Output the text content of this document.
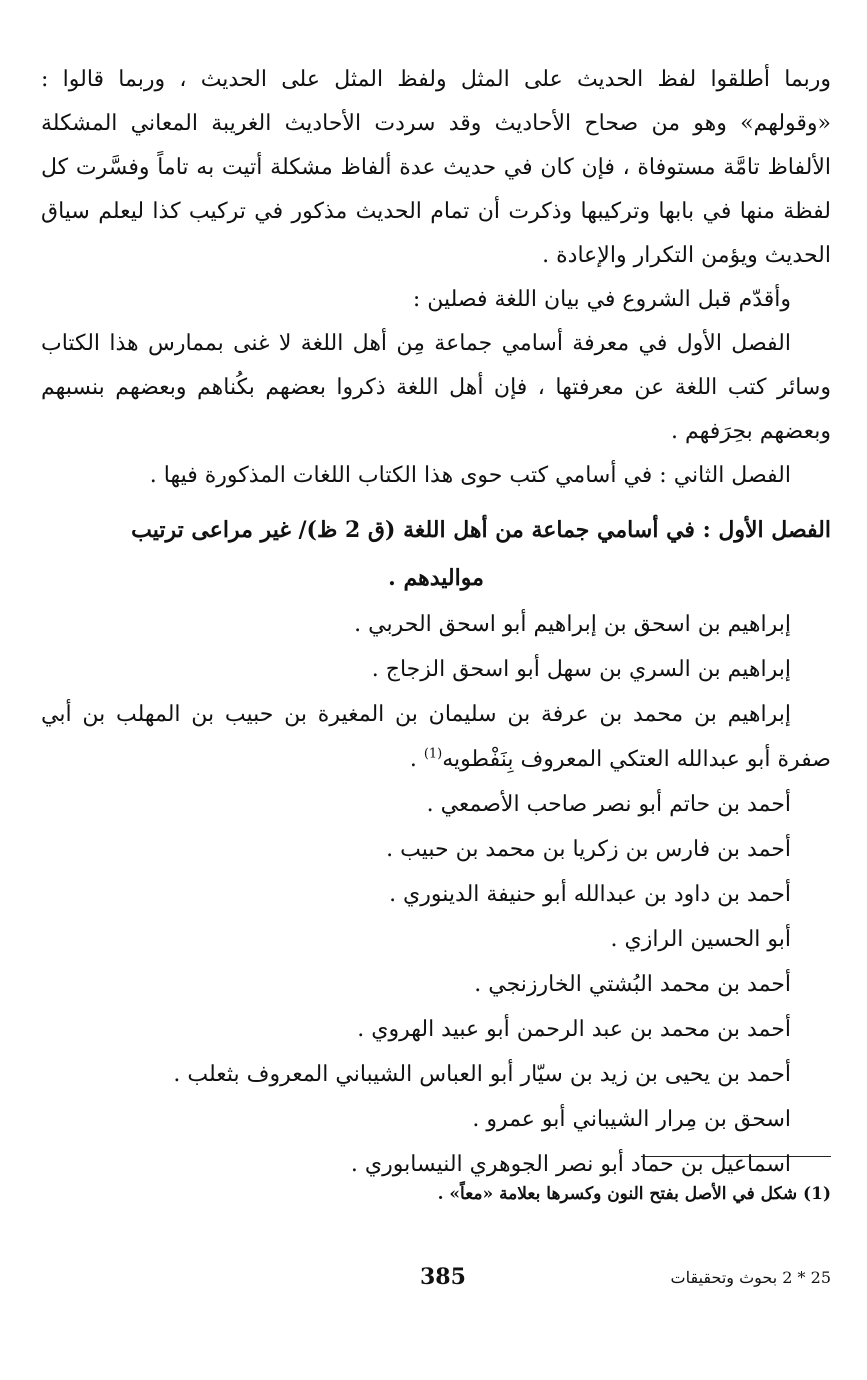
وربما أطلقوا لفظ الحديث على المثل ولفظ المثل على الحديث ، وربما قالوا : «وقولهم» وهو من صحاح الأحاديث وقد سردت الأحاديث الغريبة المعاني المشكلة الألفاظ تامَّة مستوفاة ، فإن كان في حديث عدة ألفاظ مشكلة أتيت به تاماً وفسَّرت كل لفظة منها في بابها وتركيبها وذكرت أن تمام الحديث مذكور في تركيب كذا ليعلم سياق الحديث ويؤمن التكرار والإعادة .

وأقدّم قبل الشروع في بيان اللغة فصلين :

الفصل الأول في معرفة أسامي جماعة مِن أهل اللغة لا غنى بممارس هذا الكتاب وسائر كتب اللغة عن معرفتها ، فإن أهل اللغة ذكروا بعضهم بكُناهم وبعضهم بنسبهم وبعضهم بحِرَفهم .

الفصل الثاني : في أسامي كتب حوى هذا الكتاب اللغات المذكورة فيها .

الفصل الأول : في أسامي جماعة من أهل اللغة (ق 2 ظ)/ غير مراعى ترتيب
مواليدهم .
إبراهيم بن اسحق بن إبراهيم أبو اسحق الحربي .
إبراهيم بن السري بن سهل أبو اسحق الزجاج .
إبراهيم بن محمد بن عرفة بن سليمان بن المغيرة بن حبيب بن المهلب بن أبي صفرة أبو عبدالله العتكي المعروف بِنَفْطويه$^{(1)}$ .
أحمد بن حاتم أبو نصر صاحب الأصمعي .
أحمد بن فارس بن زكريا بن محمد بن حبيب .
أحمد بن داود بن عبدالله أبو حنيفة الدينوري .
أبو الحسين الرازي .
أحمد بن محمد البُشتي الخارزنجي .
أحمد بن محمد بن عبد الرحمن أبو عبيد الهروي .
أحمد بن يحيى بن زيد بن سيّار أبو العباس الشيباني المعروف بثعلب .
اسحق بن مِرار الشيباني أبو عمرو .
اسماعيل بن حماد أبو نصر الجوهري النيسابوري .
(1) شكل في الأصل بفتح النون وكسرها بعلامة «معاً» .
25 * 2 بحوث وتحقيقات
385
